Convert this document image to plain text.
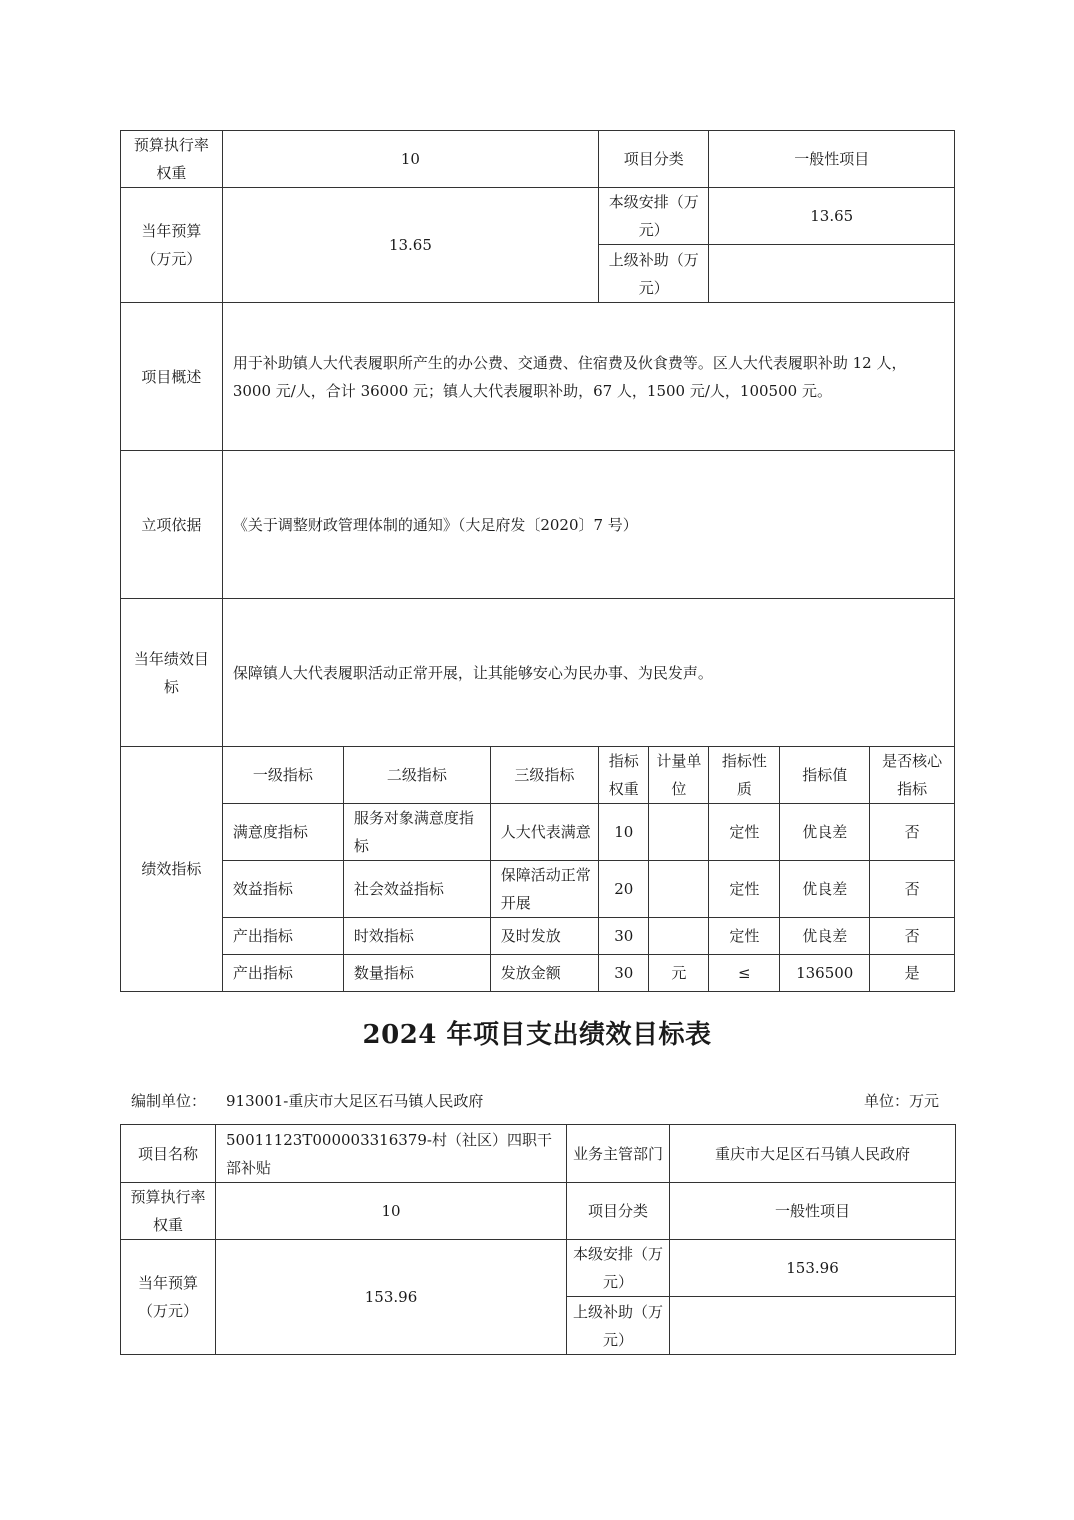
预算执行率权重	10			项目分类		一般性项目		
当年预算（万元）	13.65			本级安排（万元）		13.65		
				上级补助（万元）				
项目概述	用于补助镇人大代表履职所产生的办公费、交通费、住宿费及伙食费等。区人大代表履职补助 12 人，3000 元/人，合计 36000 元；镇人大代表履职补助，67 人，1500 元/人，100500 元。							
立项依据	《关于调整财政管理体制的通知》（大足府发〔2020〕7 号）							
当年绩效目标	保障镇人大代表履职活动正常开展，让其能够安心为民办事、为民发声。							
绩效指标	一级指标	二级指标	三级指标	指标权重	计量单位	指标性质	指标值	是否核心指标
	满意度指标	服务对象满意度指标	人大代表满意	10		定性	优良差	否
	效益指标	社会效益指标	保障活动正常开展	20		定性	优良差	否
	产出指标	时效指标	及时发放	30		定性	优良差	否
	产出指标	数量指标	发放金额	30	元	≤	136500	是
2024 年项目支出绩效目标表
编制单位： 913001-重庆市大足区石马镇人民政府	单位：万元
项目名称	50011123T000003316379-村（社区）四职干部补贴	业务主管部门	重庆市大足区石马镇人民政府
预算执行率权重	10	项目分类	一般性项目
当年预算（万元）	153.96	本级安排（万元）	153.96
		上级补助（万元）	
